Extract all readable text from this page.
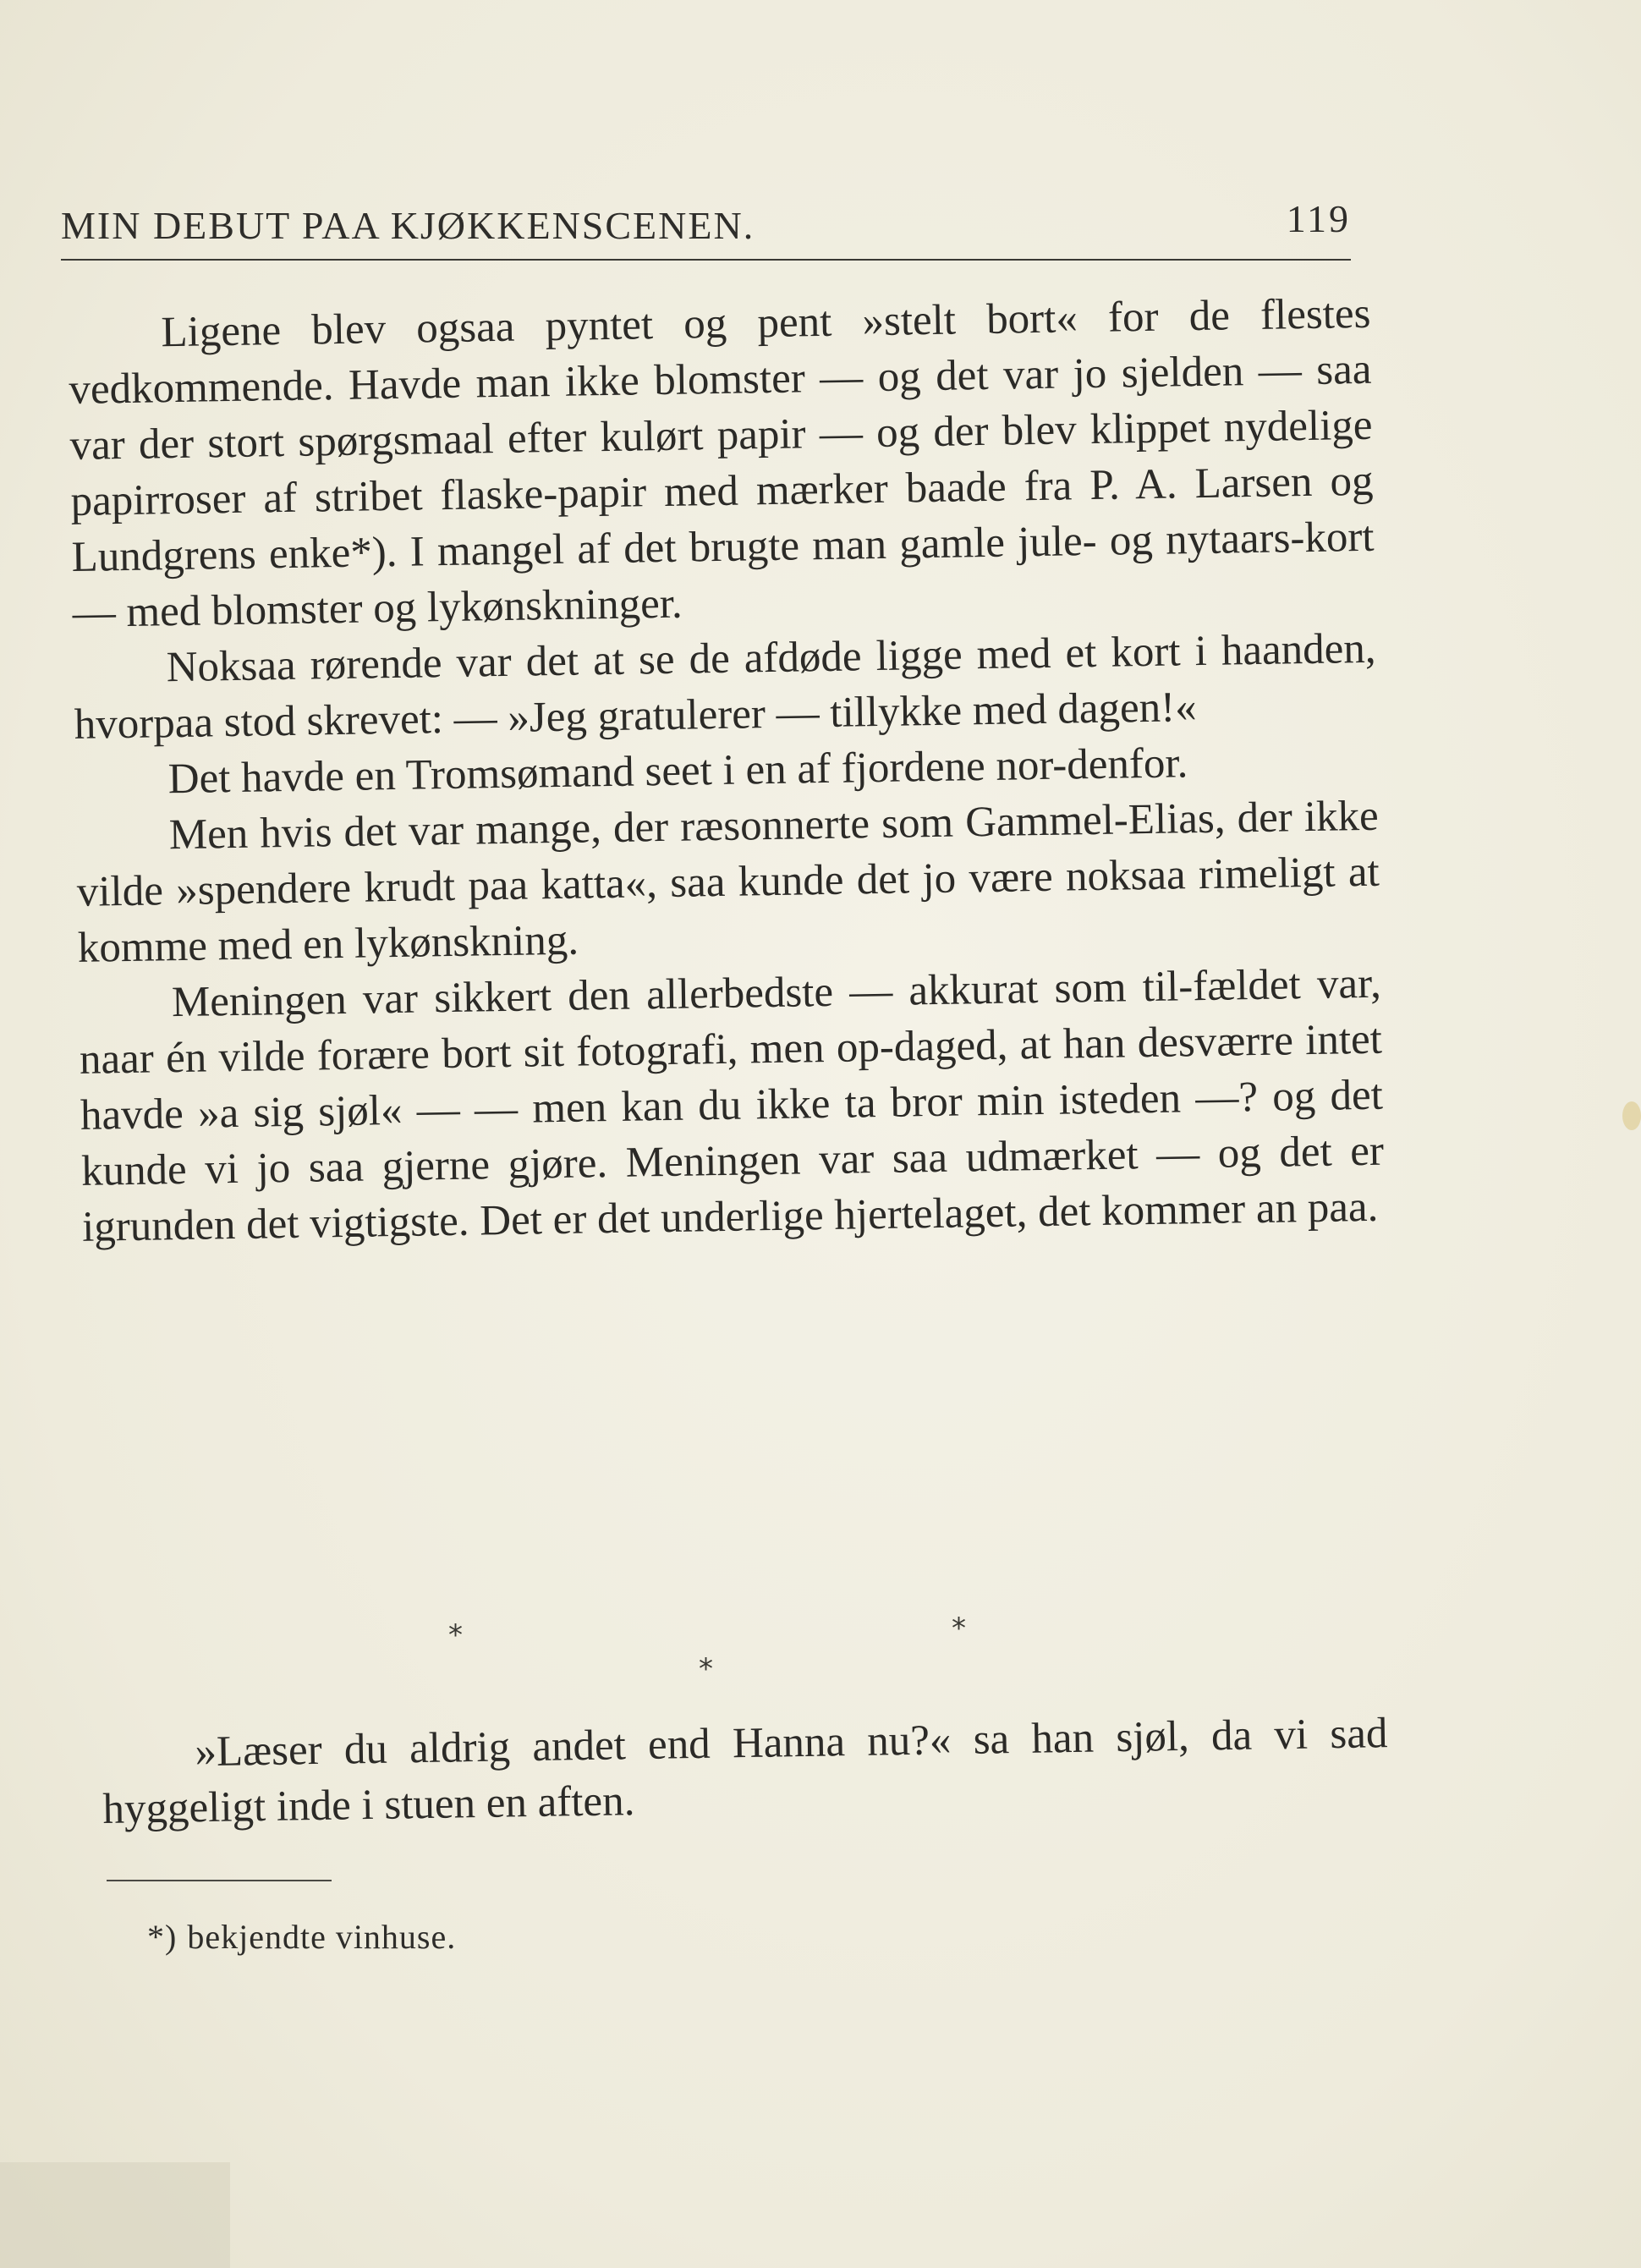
MIN DEBUT PAA KJØKKENSCENEN.	119

Ligene blev ogsaa pyntet og pent »stelt bort« for de flestes vedkommende. Havde man ikke blomster — og det var jo sjelden — saa var der stort spørgsmaal efter kulørt papir — og der blev klippet nydelige papirroser af stribet flaske-papir med mærker baade fra P. A. Larsen og Lundgrens enke*). I mangel af det brugte man gamle jule- og nytaars-kort — med blomster og lykønskninger.

Noksaa rørende var det at se de afdøde ligge med et kort i haanden, hvorpaa stod skrevet: — »Jeg gratulerer — tillykke med dagen!«

Det havde en Tromsømand seet i en af fjordene nor-denfor.

Men hvis det var mange, der ræsonnerte som Gammel-Elias, der ikke vilde »spendere krudt paa katta«, saa kunde det jo være noksaa rimeligt at komme med en lykønskning.

Meningen var sikkert den allerbedste — akkurat som til-fældet var, naar én vilde forære bort sit fotografi, men op-daged, at han desværre intet havde »a sig sjøl« — — men kan du ikke ta bror min isteden —? og det kunde vi jo saa gjerne gjøre. Meningen var saa udmærket — og det er igrunden det vigtigste. Det er det underlige hjertelaget, det kommer an paa.

*	*
*

»Læser du aldrig andet end Hanna nu?« sa han sjøl, da vi sad hyggeligt inde i stuen en aften.

*) bekjendte vinhuse.
